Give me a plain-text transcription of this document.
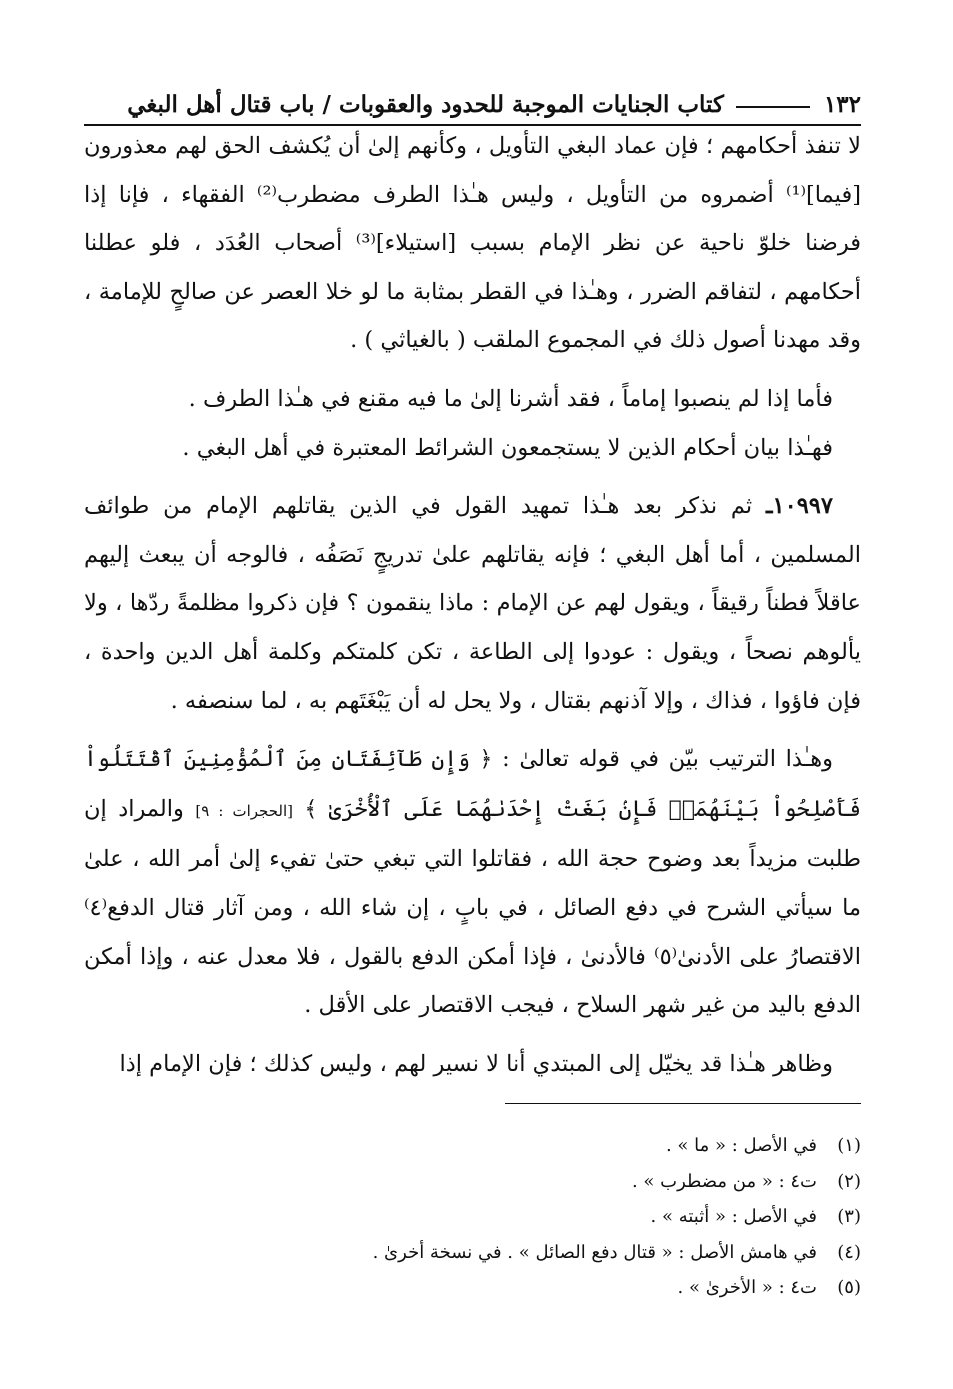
١٣٢
كتاب الجنايات الموجبة للحدود والعقوبات / باب قتال أهل البغي

لا تنفذ أحكامهم ؛ فإن عماد البغي التأويل ، وكأنهم إلىٰ أن يُكشف الحق لهم معذورون [فيما]⁽¹⁾ أضمروه من التأويل ، وليس هـٰذا الطرف مضطرب⁽²⁾ الفقهاء ، فإنا إذا فرضنا خلوّ ناحية عن نظر الإمام بسبب [استيلاء]⁽³⁾ أصحاب العُدَد ، فلو عطلنا أحكامهم ، لتفاقم الضرر ، وهـٰذا في القطر بمثابة ما لو خلا العصر عن صالحٍ للإمامة ، وقد مهدنا أصول ذلك في المجموع الملقب ( بالغياثي ) .

فأما إذا لم ينصبوا إماماً ، فقد أشرنا إلىٰ ما فيه مقنع في هـٰذا الطرف .

فهـٰذا بيان أحكام الذين لا يستجمعون الشرائط المعتبرة في أهل البغي .

١٠٩٩٧ـ ثم نذكر بعد هـٰذا تمهيد القول في الذين يقاتلهم الإمام من طوائف المسلمين ، أما أهل البغي ؛ فإنه يقاتلهم علىٰ تدريجٍ نَصَفُه ، فالوجه أن يبعث إليهم عاقلاً فطناً رقيقاً ، ويقول لهم عن الإمام : ماذا ينقمون ؟ فإن ذكروا مظلمةً ردّها ، ولا يألوهم نصحاً ، ويقول : عودوا إلى الطاعة ، تكن كلمتكم وكلمة أهل الدين واحدة ، فإن فاؤوا ، فذاك ، وإلا آذنهم بقتال ، ولا يحل له أن يَبْغَتَهم به ، لما سنصفه .

وهـٰذا الترتيب بيّن في قوله تعالىٰ : ﴿ وَإِن طَآئِفَتَانِ مِنَ ٱلْمُؤْمِنِينَ ٱقْتَتَلُواْ فَأَصْلِحُواْ بَيْنَهُمَاۖ فَإِنۢ بَغَتْ إِحْدَىٰهُمَا عَلَى ٱلْأُخْرَىٰ ﴾ [الحجرات : ٩] والمراد إن طلبت مزيداً بعد وضوح حجة الله ، فقاتلوا التي تبغي حتىٰ تفيء إلىٰ أمر الله ، علىٰ ما سيأتي الشرح في دفع الصائل ، في بابٍ ، إن شاء الله ، ومن آثار قتال الدفع⁽٤⁾ الاقتصارُ على الأدنىٰ⁽٥⁾ فالأدنىٰ ، فإذا أمكن الدفع بالقول ، فلا معدل عنه ، وإذا أمكن الدفع باليد من غير شهر السلاح ، فيجب الاقتصار على الأقل .

وظاهر هـٰذا قد يخيّل إلى المبتدي أنا لا نسير لهم ، وليس كذلك ؛ فإن الإمام إذا

(١)
في الأصل : « ما » .
(٢)
ت٤ : « من مضطرب » .
(٣)
في الأصل : « أثبته » .
(٤)
في هامش الأصل : « قتال دفع الصائل » . في نسخة أخرىٰ .
(٥)
ت٤ : « الأخرىٰ » .
